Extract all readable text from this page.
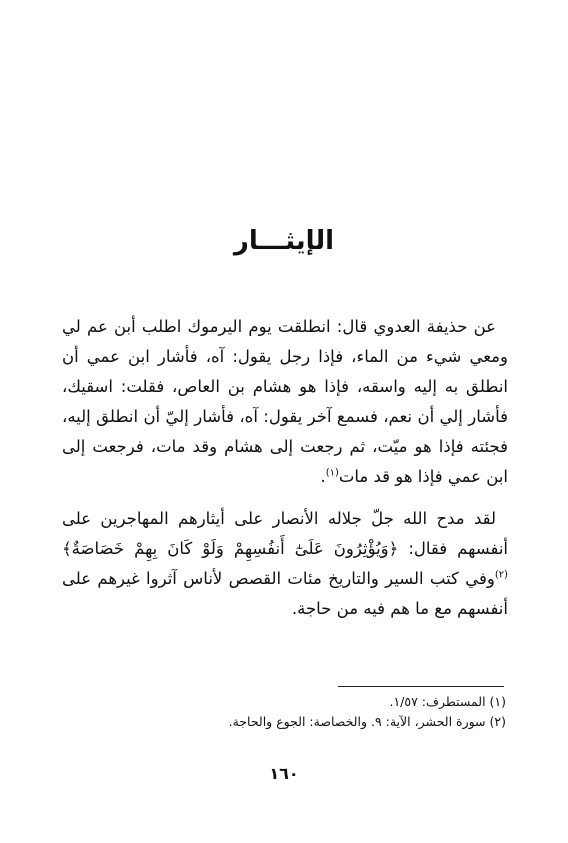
الإيثـــار

عن حذيفة العدوي قال: انطلقت يوم اليرموك اطلب أبن عم لي ومعي شيء من الماء، فإذا رجل يقول: آه، فأشار ابن عمي أن انطلق به إليه واسقه، فإذا هو هشام بن العاص، فقلت: اسقيك، فأشار إلي أن نعم، فسمع آخر يقول: آه، فأشار إليّ أن انطلق إليه، فجئته فإذا هو ميّت، ثم رجعت إلى هشام وقد مات، فرجعت إلى ابن عمي فإذا هو قد مات$^{(١)}$.

لقد مدح الله جلّ جلاله الأنصار على أيثارهم المهاجرين على أنفسهم فقال: ﴿وَيُؤْثِرُونَ عَلَىٰٓ أَنفُسِهِمْ وَلَوْ كَانَ بِهِمْ خَصَاصَةٌ﴾$^{(٢)}$وفي كتب السير والتاريخ مئات القصص لأناس آثروا غيرهم على أنفسهم مع ما هم فيه من حاجة.

(١) المستطرف: ١/٥٧.
(٢) سورة الحشر، الآية: ٩. والخصاصة: الجوع والحاجة.
١٦٠
